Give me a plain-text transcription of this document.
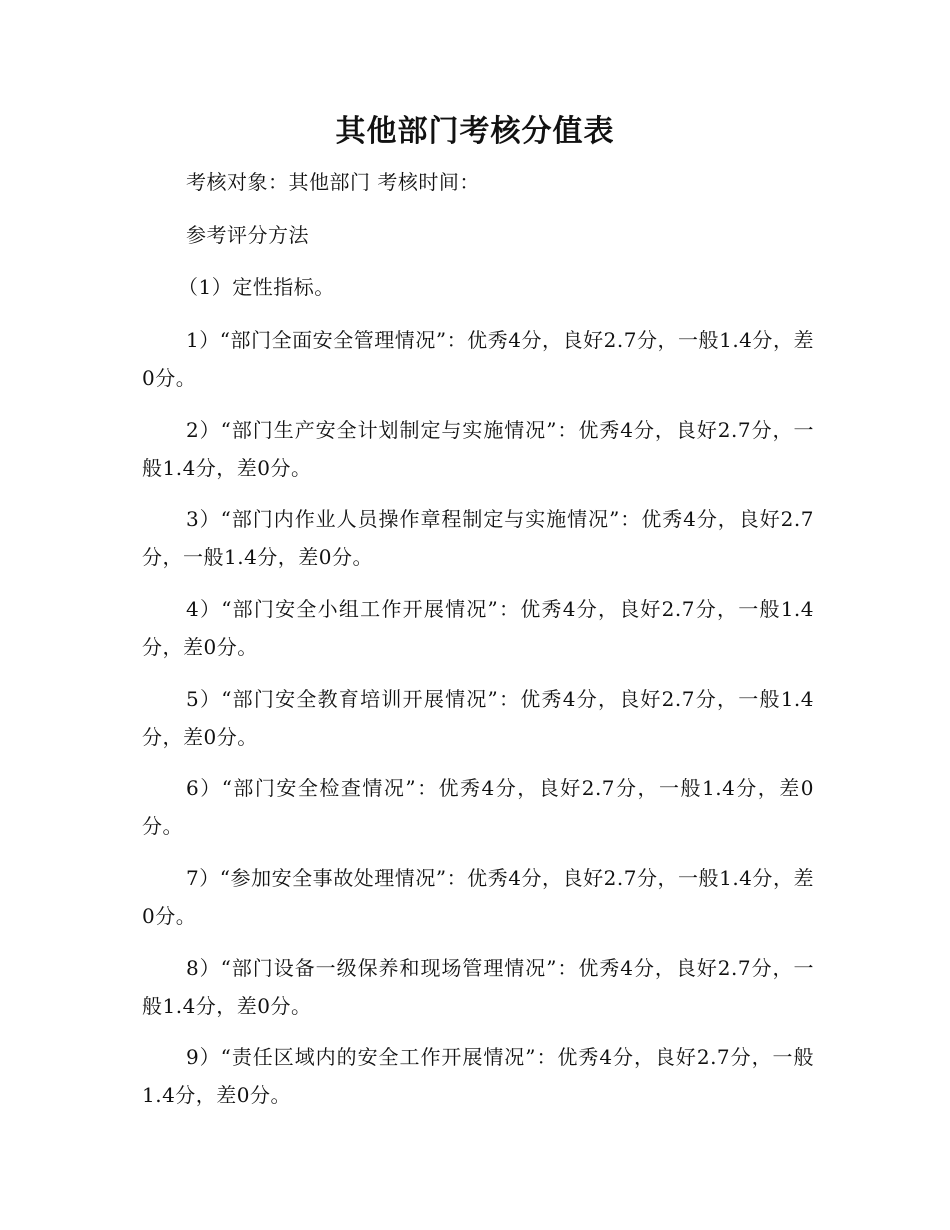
其他部门考核分值表
考核对象：其他部门 考核时间：
参考评分方法
（1）定性指标。
1）“部门全面安全管理情况”：优秀4分，良好2.7分，一般1.4分，差0分。
2）“部门生产安全计划制定与实施情况”：优秀4分，良好2.7分，一般1.4分，差0分。
3）“部门内作业人员操作章程制定与实施情况”：优秀4分，良好2.7分，一般1.4分，差0分。
4）“部门安全小组工作开展情况”：优秀4分，良好2.7分，一般1.4分，差0分。
5）“部门安全教育培训开展情况”：优秀4分，良好2.7分，一般1.4分，差0分。
6）“部门安全检查情况”：优秀4分，良好2.7分，一般1.4分，差0分。
7）“参加安全事故处理情况”：优秀4分，良好2.7分，一般1.4分，差0分。
8）“部门设备一级保养和现场管理情况”：优秀4分，良好2.7分，一般1.4分，差0分。
9）“责任区域内的安全工作开展情况”：优秀4分，良好2.7分，一般1.4分，差0分。
